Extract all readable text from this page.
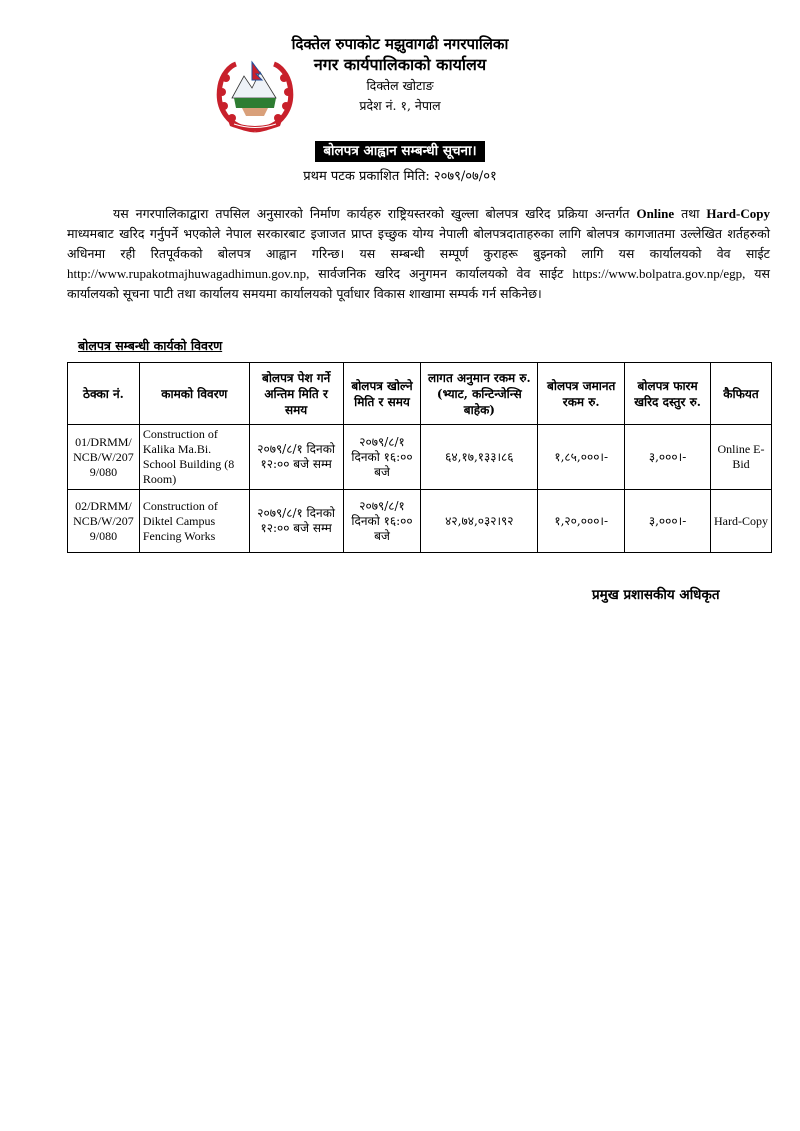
दिक्तेल रुपाकोट मझुवागढी नगरपालिका
नगर कार्यपालिकाको कार्यालय
दिक्तेल खोटाङ
प्रदेश नं. १, नेपाल
बोलपत्र आह्वान सम्बन्धी सूचना।
प्रथम पटक प्रकाशित मिति: २०७९/०७/०१
यस नगरपालिकाद्वारा तपसिल अनुसारको निर्माण कार्यहरु राष्ट्रियस्तरको खुल्ला बोलपत्र खरिद प्रक्रिया अन्तर्गत Online तथा Hard-Copy माध्यमबाट खरिद गर्नुपर्ने भएकोले नेपाल सरकारबाट इजाजत प्राप्त इच्छुक योग्य नेपाली बोलपत्रदाताहरुका लागि बोलपत्र कागजातमा उल्लेखित शर्तहरुको अधिनमा रही रितपूर्वकको बोलपत्र आह्वान गरिन्छ। यस सम्बन्धी सम्पूर्ण कुराहरू बुझ्नको लागि यस कार्यालयको वेव साईट http://www.rupakotmajhuwagadhimun.gov.np, सार्वजनिक खरिद अनुगमन कार्यालयको वेव साईट https://www.bolpatra.gov.np/egp, यस कार्यालयको सूचना पाटी तथा कार्यालय समयमा कार्यालयको पूर्वाधार विकास शाखामा सम्पर्क गर्न सकिनेछ।
बोलपत्र सम्बन्धी कार्यको विवरण
ठेक्का नं.	कामको विवरण	बोलपत्र पेश गर्ने अन्तिम मिति र समय	बोलपत्र खोल्ने मिति र समय	लागत अनुमान रकम रु. (भ्याट, कन्टिन्जेन्सि बाहेक)	बोलपत्र जमानत रकम रु.	बोलपत्र फारम खरिद दस्तुर रु.	कैफियत
01/DRMM/NCB/W/2079/080	Construction of Kalika Ma.Bi. School Building (8 Room)	२०७९/८/१ दिनको १२:०० बजे सम्म	२०७९/८/१ दिनको १६:०० बजे	६४,१७,१३३।८६	१,८५,०००।-	३,०००।-	Online E-Bid
02/DRMM/NCB/W/2079/080	Construction of Diktel Campus Fencing Works	२०७९/८/१ दिनको १२:०० बजे सम्म	२०७९/८/१ दिनको १६:०० बजे	४२,७४,०३२।९२	१,२०,०००।-	३,०००।-	Hard-Copy
प्रमुख प्रशासकीय अधिकृत
